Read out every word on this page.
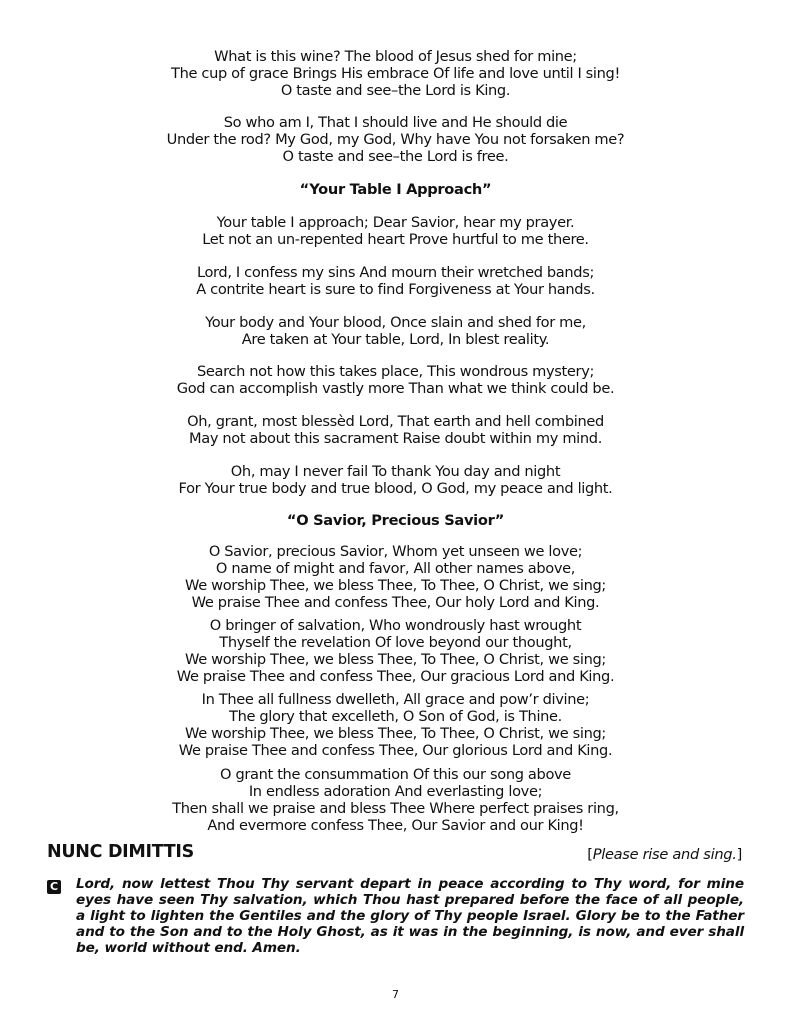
What is this wine? The blood of Jesus shed for mine;
The cup of grace Brings His embrace Of life and love until I sing!
O taste and see–the Lord is King.
So who am I, That I should live and He should die
Under the rod? My God, my God, Why have You not forsaken me?
O taste and see–the Lord is free.
“Your Table I Approach”
Your table I approach; Dear Savior, hear my prayer.
Let not an un-repented heart Prove hurtful to me there.
Lord, I confess my sins And mourn their wretched bands;
A contrite heart is sure to find Forgiveness at Your hands.
Your body and Your blood, Once slain and shed for me,
Are taken at Your table, Lord, In blest reality.
Search not how this takes place, This wondrous mystery;
God can accomplish vastly more Than what we think could be.
Oh, grant, most blessèd Lord, That earth and hell combined
May not about this sacrament Raise doubt within my mind.
Oh, may I never fail To thank You day and night
For Your true body and true blood, O God, my peace and light.
“O Savior, Precious Savior”
O Savior, precious Savior, Whom yet unseen we love;
O name of might and favor, All other names above,
We worship Thee, we bless Thee, To Thee, O Christ, we sing;
We praise Thee and confess Thee, Our holy Lord and King.
O bringer of salvation, Who wondrously hast wrought
Thyself the revelation Of love beyond our thought,
We worship Thee, we bless Thee, To Thee, O Christ, we sing;
We praise Thee and confess Thee, Our gracious Lord and King.
In Thee all fullness dwelleth, All grace and pow’r divine;
The glory that excelleth, O Son of God, is Thine.
We worship Thee, we bless Thee, To Thee, O Christ, we sing;
We praise Thee and confess Thee, Our glorious Lord and King.
O grant the consummation Of this our song above
In endless adoration And everlasting love;
Then shall we praise and bless Thee Where perfect praises ring,
And evermore confess Thee, Our Savior and our King!
NUNC DIMITTIS	[Please rise and sing.]
C Lord, now lettest Thou Thy servant depart in peace according to Thy word, for mine eyes have seen Thy salvation, which Thou hast prepared before the face of all people, a light to lighten the Gentiles and the glory of Thy people Israel. Glory be to the Father and to the Son and to the Holy Ghost, as it was in the beginning, is now, and ever shall be, world without end. Amen.
7
